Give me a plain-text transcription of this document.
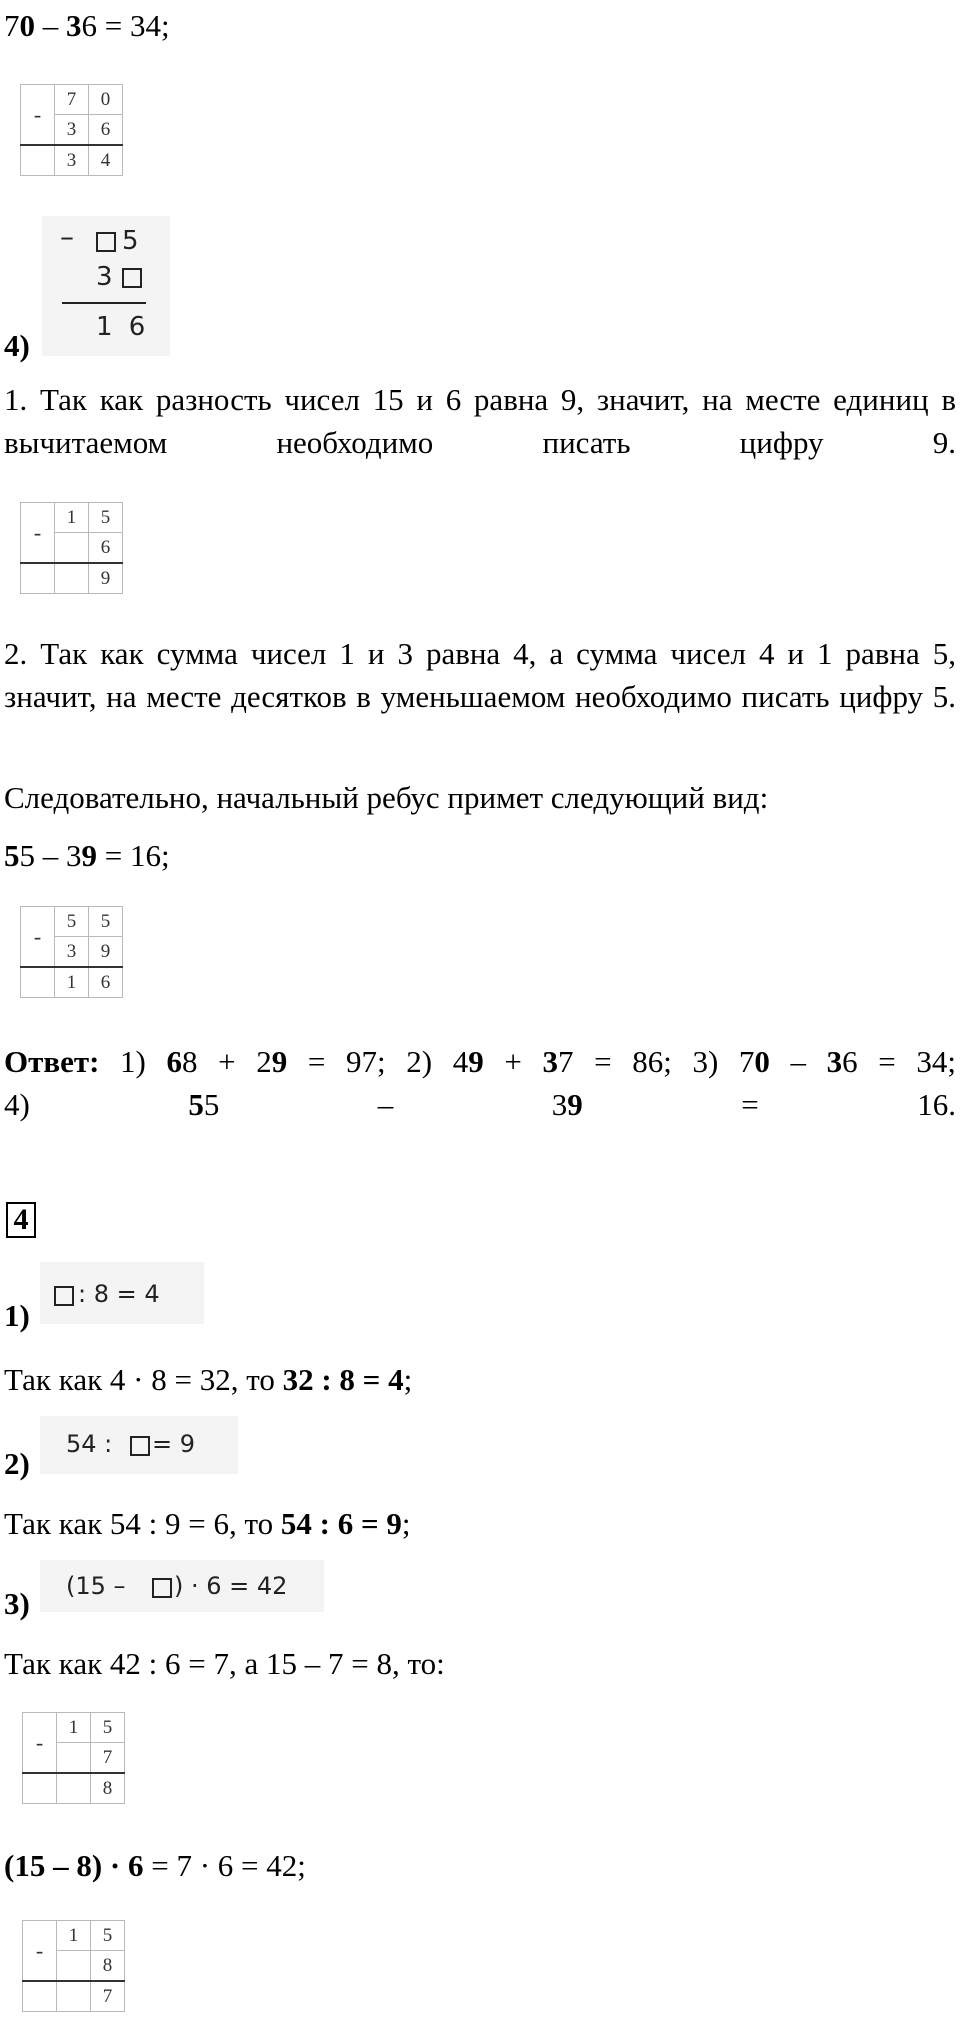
70 – 36 = 34;
-	7	0
	3	6
	3	4
4)
– 5
3
1 6

1. Так как разность чисел 15 и 6 равна 9, значит, на месте единиц в вычитаемом необходимо писать цифру 9.

-	1	5
		6
		9

2. Так как сумма чисел 1 и 3 равна 4, а сумма чисел 4 и 1 равна 5, значит, на месте десятков в уменьшаемом необходимо писать цифру 5.

Следовательно, начальный ребус примет следующий вид:
55 – 39 = 16;
-	5	5
	3	9
	1	6
Ответ: 1) 68 + 29 = 97; 2) 49 + 37 = 86; 3) 70 – 36 = 34;
4) 55 – 39 = 16.
4
1)
: 8 = 4
Так как 4 · 8 = 32, то 32 : 8 = 4;
2)
54 : = 9
Так как 54 : 9 = 6, то 54 : 6 = 9;
3) (15 – ) · 6 = 42
Так как 42 : 6 = 7, а 15 – 7 = 8, то:
-	1	5
		7
		8
(15 – 8) · 6 = 7 · 6 = 42;
-	1	5
		8
		7
